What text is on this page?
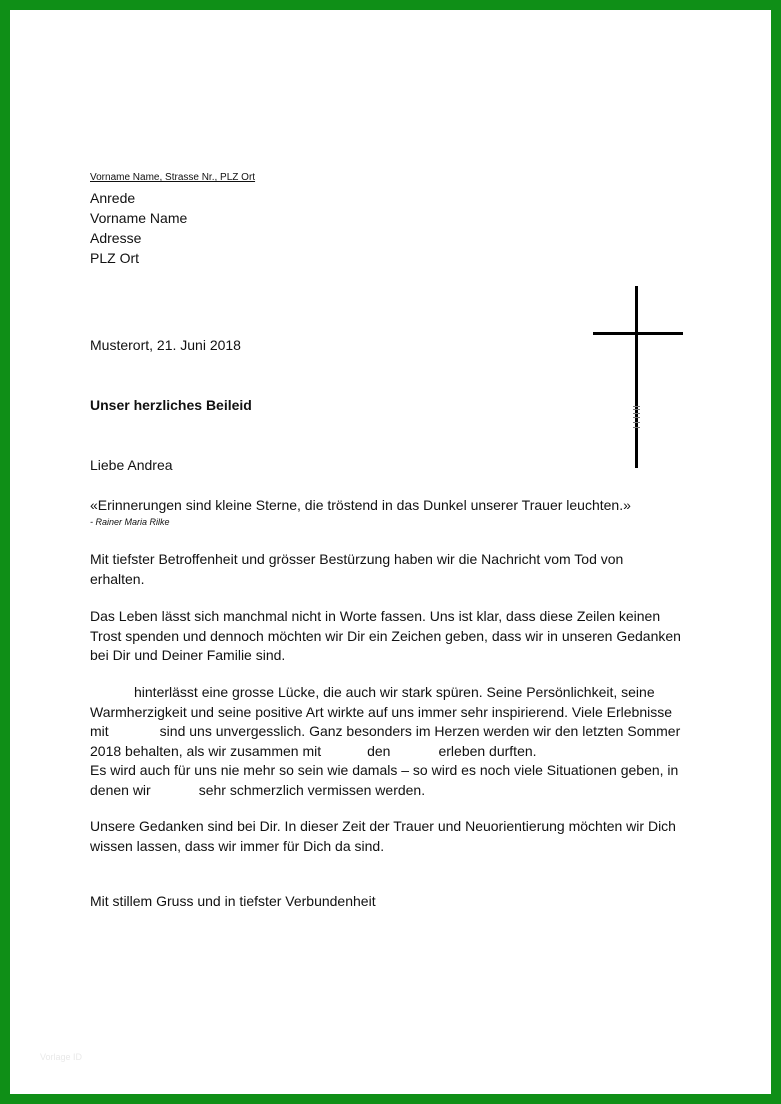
Vorname Name, Strasse Nr., PLZ Ort
Anrede
Vorname Name
Adresse
PLZ Ort
Musterort, 21. Juni 2018
Unser herzliches Beileid
Liebe Andrea
«Erinnerungen sind kleine Sterne, die tröstend in das Dunkel unserer Trauer leuchten.»
- Rainer Maria Rilke
Mit tiefster Betroffenheit und grösser Bestürzung haben wir die Nachricht vom Tod von
erhalten.
Das Leben lässt sich manchmal nicht in Worte fassen. Uns ist klar, dass diese Zeilen keinen
Trost spenden und dennoch möchten wir Dir ein Zeichen geben, dass wir in unseren Gedanken
bei Dir und Deiner Familie sind.
hinterlässt eine grosse Lücke, die auch wir stark spüren. Seine Persönlichkeit, seine
Warmherzigkeit und seine positive Art wirkte auf uns immer sehr inspirierend. Viele Erlebnisse
mit	sind uns unvergesslich. Ganz besonders im Herzen werden wir den letzten Sommer
2018 behalten, als wir zusammen mit	den	erleben durften.
Es wird auch für uns nie mehr so sein wie damals – so wird es noch viele Situationen geben, in
denen wir	sehr schmerzlich vermissen werden.
Unsere Gedanken sind bei Dir. In dieser Zeit der Trauer und Neuorientierung möchten wir Dich
wissen lassen, dass wir immer für Dich da sind.
Mit stillem Gruss und in tiefster Verbundenheit
Vorlage ID
